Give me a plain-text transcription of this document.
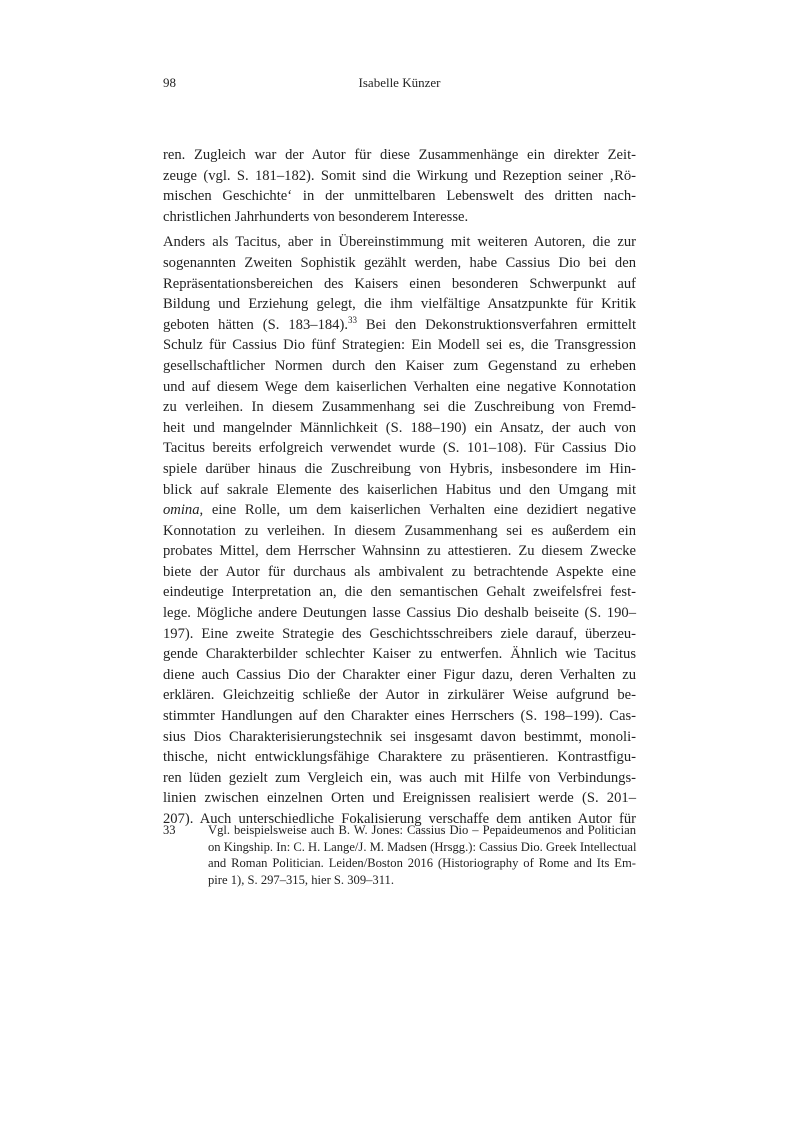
98	Isabelle Künzer
ren. Zugleich war der Autor für diese Zusammenhänge ein direkter Zeit-
zeuge (vgl. S. 181–182). Somit sind die Wirkung und Rezeption seiner ‚Rö-
mischen Geschichte‘ in der unmittelbaren Lebenswelt des dritten nach-
christlichen Jahrhunderts von besonderem Interesse.
Anders als Tacitus, aber in Übereinstimmung mit weiteren Autoren, die zur
sogenannten Zweiten Sophistik gezählt werden, habe Cassius Dio bei den
Repräsentationsbereichen des Kaisers einen besonderen Schwerpunkt auf
Bildung und Erziehung gelegt, die ihm vielfältige Ansatzpunkte für Kritik
geboten hätten (S. 183–184).$^{33}$ Bei den Dekonstruktionsverfahren ermittelt
Schulz für Cassius Dio fünf Strategien: Ein Modell sei es, die Transgression
gesellschaftlicher Normen durch den Kaiser zum Gegenstand zu erheben
und auf diesem Wege dem kaiserlichen Verhalten eine negative Konnotation
zu verleihen. In diesem Zusammenhang sei die Zuschreibung von Fremd-
heit und mangelnder Männlichkeit (S. 188–190) ein Ansatz, der auch von
Tacitus bereits erfolgreich verwendet wurde (S. 101–108). Für Cassius Dio
spiele darüber hinaus die Zuschreibung von Hybris, insbesondere im Hin-
blick auf sakrale Elemente des kaiserlichen Habitus und den Umgang mit
omina, eine Rolle, um dem kaiserlichen Verhalten eine dezidiert negative
Konnotation zu verleihen. In diesem Zusammenhang sei es außerdem ein
probates Mittel, dem Herrscher Wahnsinn zu attestieren. Zu diesem Zwecke
biete der Autor für durchaus als ambivalent zu betrachtende Aspekte eine
eindeutige Interpretation an, die den semantischen Gehalt zweifelsfrei fest-
lege. Mögliche andere Deutungen lasse Cassius Dio deshalb beiseite (S. 190–
197). Eine zweite Strategie des Geschichtsschreibers ziele darauf, überzeu-
gende Charakterbilder schlechter Kaiser zu entwerfen. Ähnlich wie Tacitus
diene auch Cassius Dio der Charakter einer Figur dazu, deren Verhalten zu
erklären. Gleichzeitig schließe der Autor in zirkulärer Weise aufgrund be-
stimmter Handlungen auf den Charakter eines Herrschers (S. 198–199). Cas-
sius Dios Charakterisierungstechnik sei insgesamt davon bestimmt, monoli-
thische, nicht entwicklungsfähige Charaktere zu präsentieren. Kontrastfigu-
ren lüden gezielt zum Vergleich ein, was auch mit Hilfe von Verbindungs-
linien zwischen einzelnen Orten und Ereignissen realisiert werde (S. 201–
207). Auch unterschiedliche Fokalisierung verschaffe dem antiken Autor für
33	Vgl. beispielsweise auch B. W. Jones: Cassius Dio – Pepaideumenos and Politician
on Kingship. In: C. H. Lange/J. M. Madsen (Hrsgg.): Cassius Dio. Greek Intellectual
and Roman Politician. Leiden/Boston 2016 (Historiography of Rome and Its Em-
pire 1), S. 297–315, hier S. 309–311.
